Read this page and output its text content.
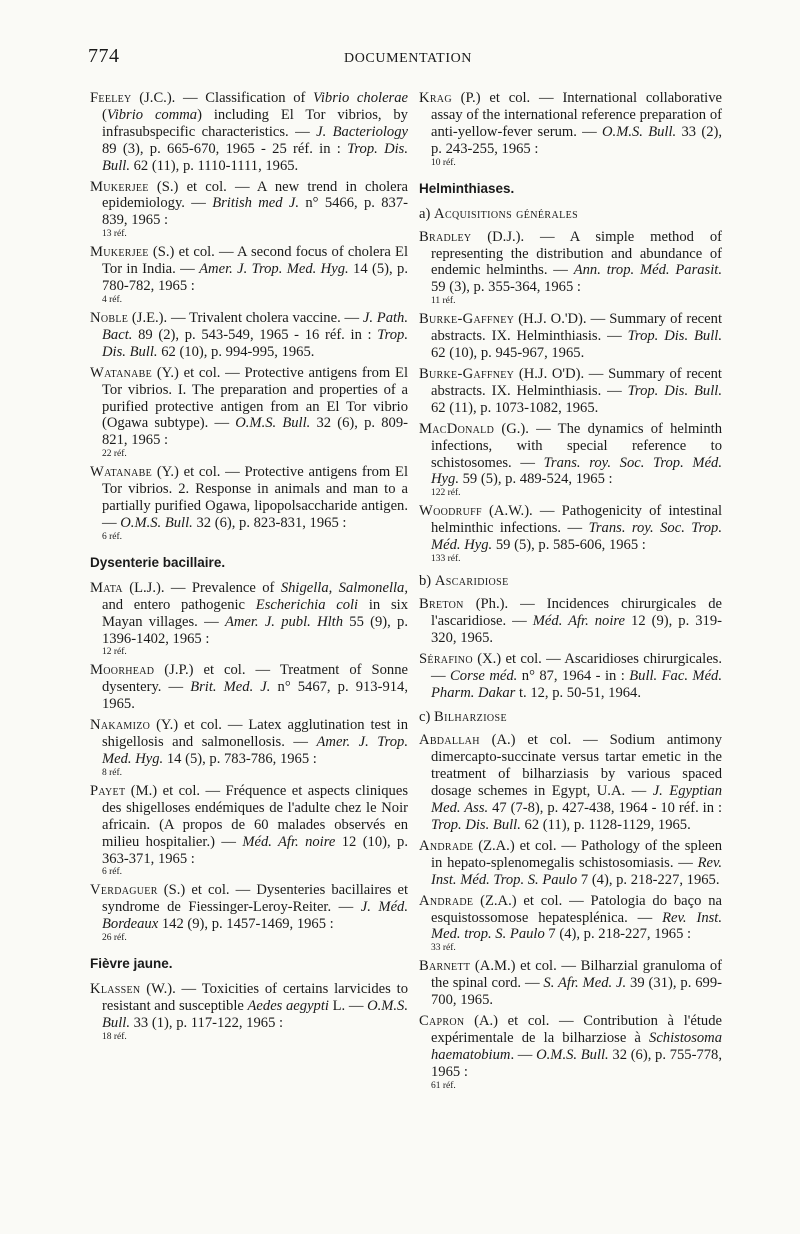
774	DOCUMENTATION
Feeley (J.C.). — Classification of Vibrio cholerae (Vibrio comma) including El Tor vibrios, by infrasubspecific characteristics. — J. Bacteriology 89 (3), p. 665-670, 1965 - 25 réf. in : Trop. Dis. Bull. 62 (11), p. 1110-1111, 1965.
Mukerjee (S.) et col. — A new trend in cholera epidemiology. — British med J. n° 5466, p. 837-839, 1965 :
13 réf.
Mukerjee (S.) et col. — A second focus of cholera El Tor in India. — Amer. J. Trop. Med. Hyg. 14 (5), p. 780-782, 1965 :
4 réf.
Noble (J.E.). — Trivalent cholera vaccine. — J. Path. Bact. 89 (2), p. 543-549, 1965 - 16 réf. in : Trop. Dis. Bull. 62 (10), p. 994-995, 1965.
Watanabe (Y.) et col. — Protective antigens from El Tor vibrios. I. The preparation and properties of a purified protective antigen from an El Tor vibrio (Ogawa subtype). — O.M.S. Bull. 32 (6), p. 809-821, 1965 :
22 réf.
Watanabe (Y.) et col. — Protective antigens from El Tor vibrios. 2. Response in animals and man to a partially purified Ogawa, lipopolsaccharide antigen. — O.M.S. Bull. 32 (6), p. 823-831, 1965 :
6 réf.
Dysenterie bacillaire.
Mata (L.J.). — Prevalence of Shigella, Salmonella, and entero pathogenic Escherichia coli in six Mayan villages. — Amer. J. publ. Hlth 55 (9), p. 1396-1402, 1965 :
12 réf.
Moorhead (J.P.) et col. — Treatment of Sonne dysentery. — Brit. Med. J. n° 5467, p. 913-914, 1965.
Nakamizo (Y.) et col. — Latex agglutination test in shigellosis and salmonellosis. — Amer. J. Trop. Med. Hyg. 14 (5), p. 783-786, 1965 :
8 réf.
Payet (M.) et col. — Fréquence et aspects cliniques des shigelloses endémiques de l'adulte chez le Noir africain. (A propos de 60 malades observés en milieu hospitalier.) — Méd. Afr. noire 12 (10), p. 363-371, 1965 :
6 réf.
Verdaguer (S.) et col. — Dysenteries bacillaires et syndrome de Fiessinger-Leroy-Reiter. — J. Méd. Bordeaux 142 (9), p. 1457-1469, 1965 :
26 réf.
Fièvre jaune.
Klassen (W.). — Toxicities of certains larvicides to resistant and susceptible Aedes aegypti L. — O.M.S. Bull. 33 (1), p. 117-122, 1965 :
18 réf.
Krag (P.) et col. — International collaborative assay of the international reference preparation of anti-yellow-fever serum. — O.M.S. Bull. 33 (2), p. 243-255, 1965 :
10 réf.
Helminthiases.
a) Acquisitions générales
Bradley (D.J.). — A simple method of representing the distribution and abundance of endemic helminths. — Ann. trop. Méd. Parasit. 59 (3), p. 355-364, 1965 :
11 réf.
Burke-Gaffney (H.J. O.'D). — Summary of recent abstracts. IX. Helminthiasis. — Trop. Dis. Bull. 62 (10), p. 945-967, 1965.
Burke-Gaffney (H.J. O'D). — Summary of recent abstracts. IX. Helminthiasis. — Trop. Dis. Bull. 62 (11), p. 1073-1082, 1965.
MacDonald (G.). — The dynamics of helminth infections, with special reference to schistosomes. — Trans. roy. Soc. Trop. Méd. Hyg. 59 (5), p. 489-524, 1965 :
122 réf.
Woodruff (A.W.). — Pathogenicity of intestinal helminthic infections. — Trans. roy. Soc. Trop. Méd. Hyg. 59 (5), p. 585-606, 1965 :
133 réf.
b) Ascaridiose
Breton (Ph.). — Incidences chirurgicales de l'ascaridiose. — Méd. Afr. noire 12 (9), p. 319-320, 1965.
Sérafino (X.) et col. — Ascaridioses chirurgicales. — Corse méd. n° 87, 1964 - in : Bull. Fac. Méd. Pharm. Dakar t. 12, p. 50-51, 1964.
c) Bilharziose
Abdallah (A.) et col. — Sodium antimony dimercapto-succinate versus tartar emetic in the treatment of bilharziasis by various spaced dosage schemes in Egypt, U.A. — J. Egyptian Med. Ass. 47 (7-8), p. 427-438, 1964 - 10 réf. in : Trop. Dis. Bull. 62 (11), p. 1128-1129, 1965.
Andrade (Z.A.) et col. — Pathology of the spleen in hepato-splenomegalis schistosomiasis. — Rev. Inst. Méd. Trop. S. Paulo 7 (4), p. 218-227, 1965.
Andrade (Z.A.) et col. — Patologia do baço na esquistossomose hepatesplénica. — Rev. Inst. Med. trop. S. Paulo 7 (4), p. 218-227, 1965 :
33 réf.
Barnett (A.M.) et col. — Bilharzial granuloma of the spinal cord. — S. Afr. Med. J. 39 (31), p. 699-700, 1965.
Capron (A.) et col. — Contribution à l'étude expérimentale de la bilharziose à Schistosoma haematobium. — O.M.S. Bull. 32 (6), p. 755-778, 1965 :
61 réf.
